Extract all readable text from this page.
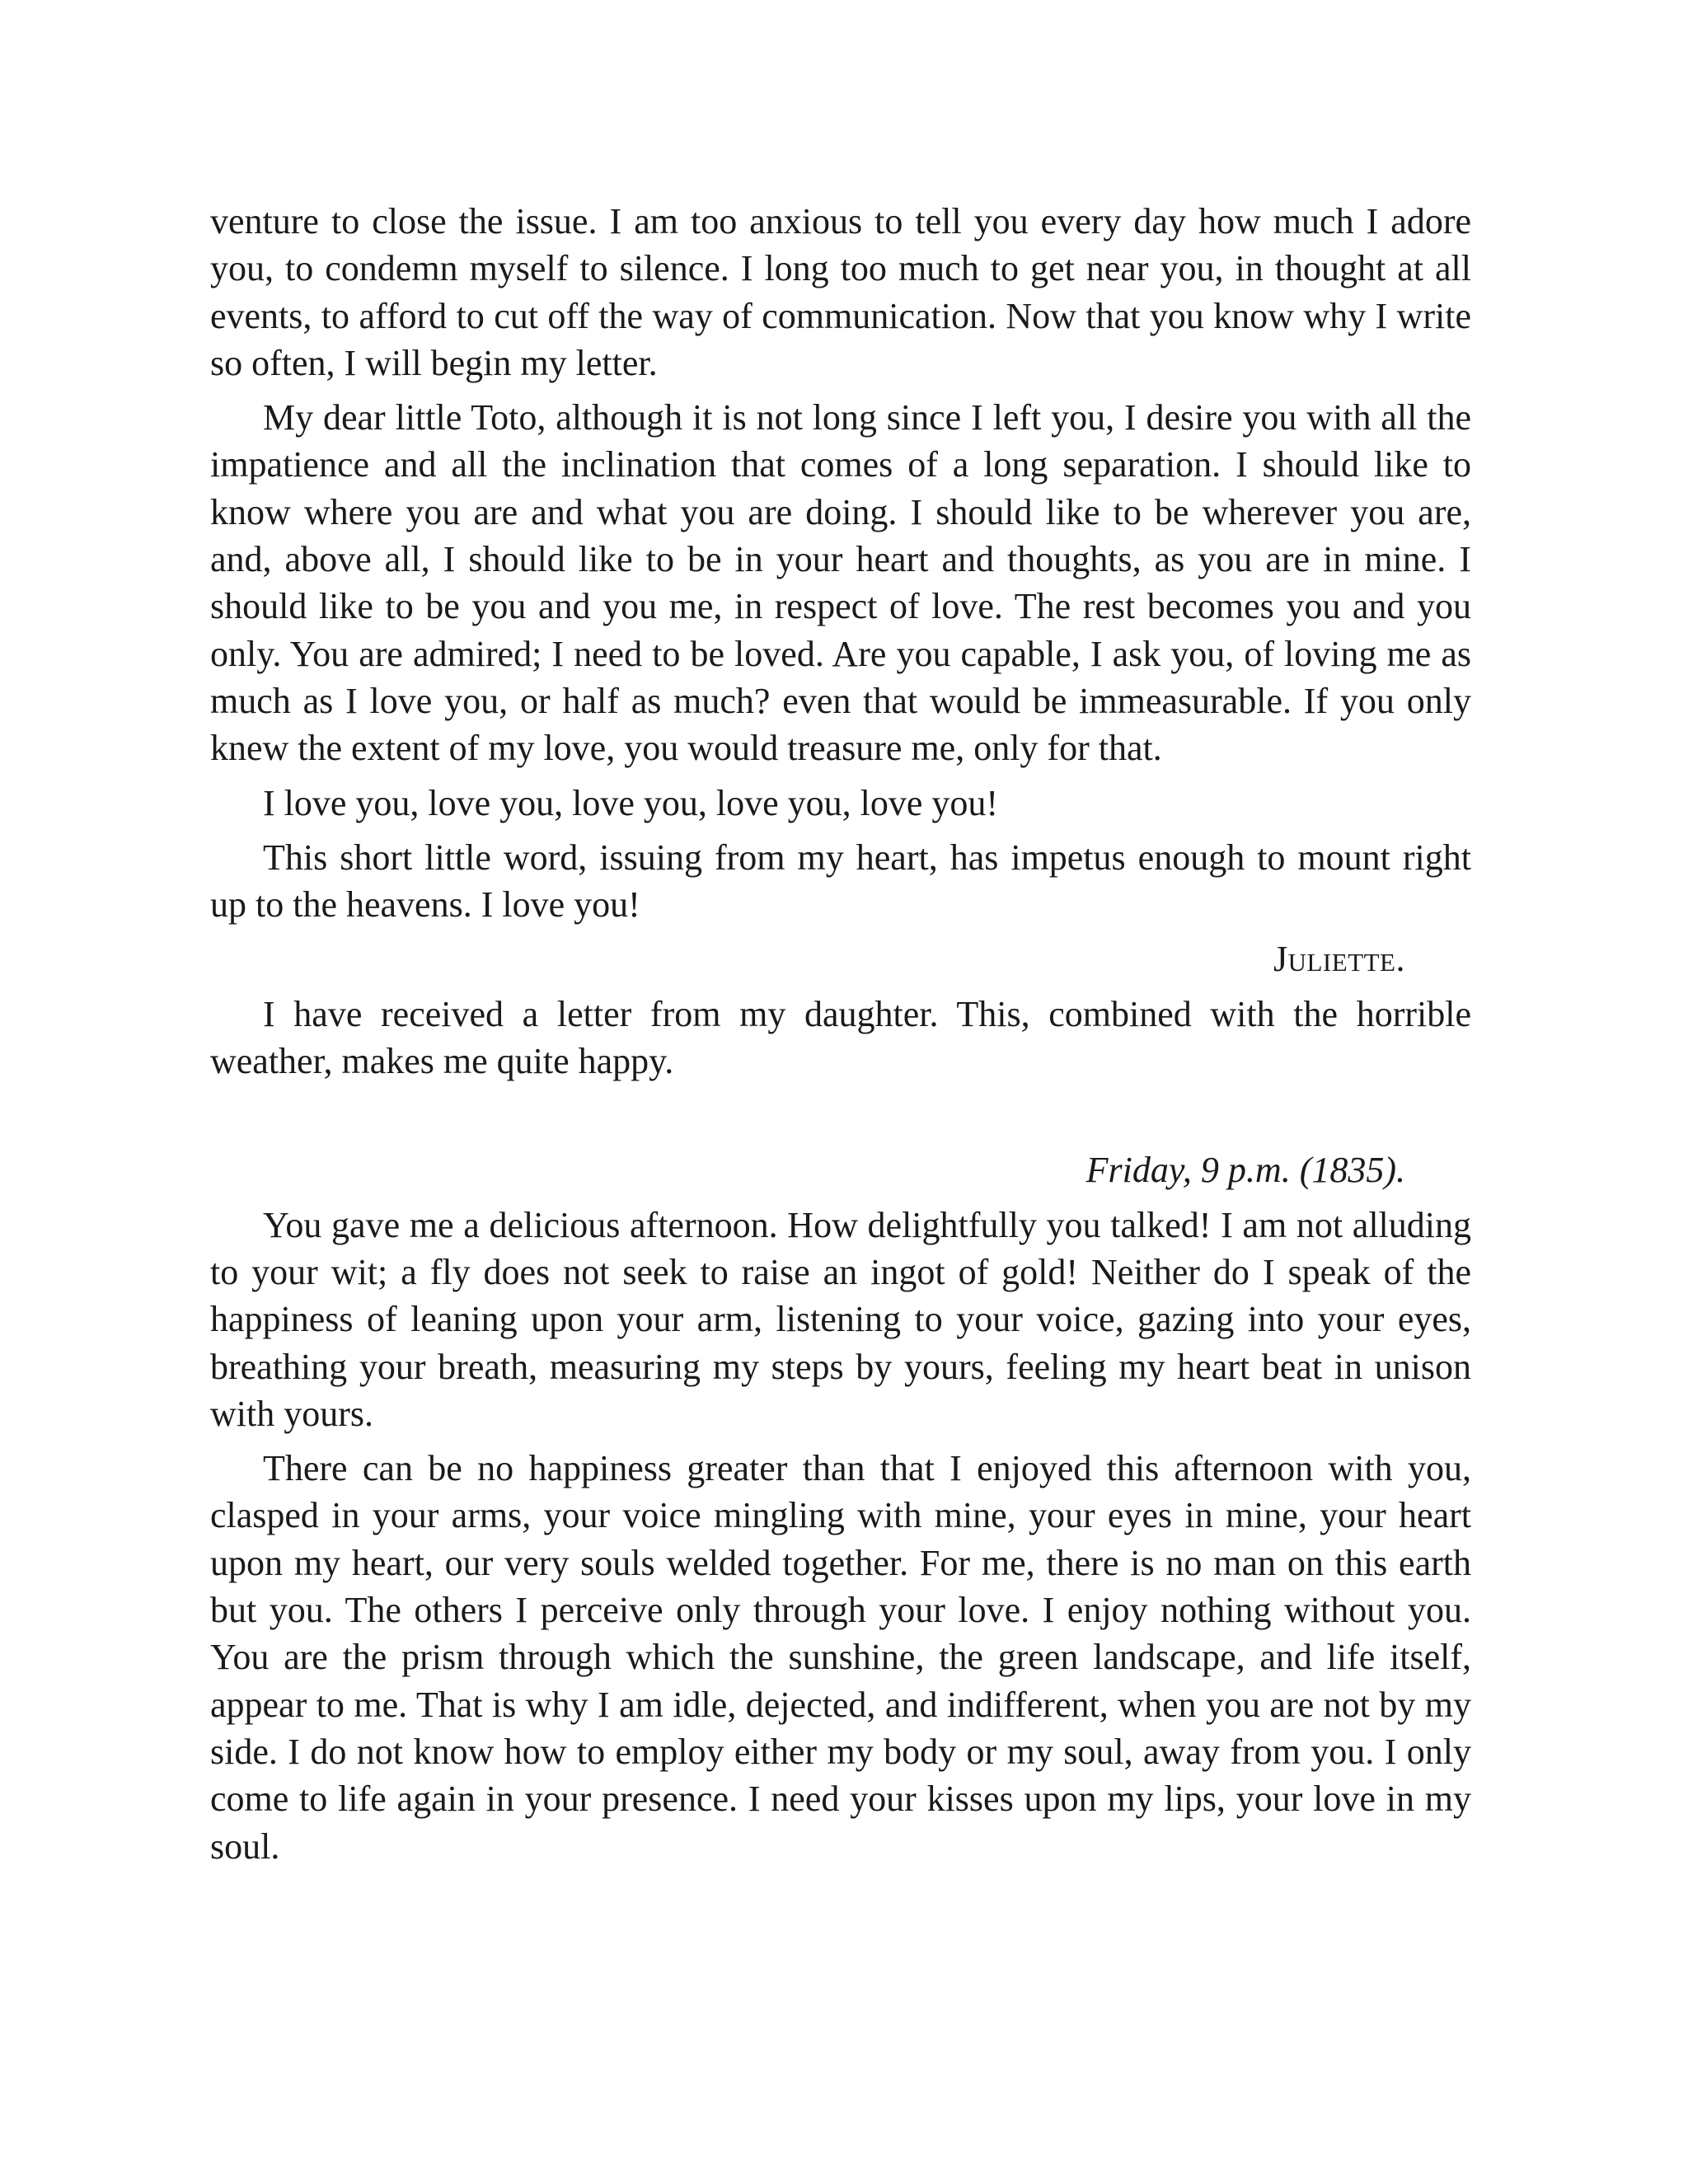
venture to close the issue. I am too anxious to tell you every day how much I adore you, to condemn myself to silence. I long too much to get near you, in thought at all events, to afford to cut off the way of communication. Now that you know why I write so often, I will begin my letter.

My dear little Toto, although it is not long since I left you, I desire you with all the impatience and all the inclination that comes of a long separation. I should like to know where you are and what you are doing. I should like to be wherever you are, and, above all, I should like to be in your heart and thoughts, as you are in mine. I should like to be you and you me, in respect of love. The rest becomes you and you only. You are admired; I need to be loved. Are you capable, I ask you, of loving me as much as I love you, or half as much? even that would be immeasurable. If you only knew the extent of my love, you would treasure me, only for that.

I love you, love you, love you, love you, love you!

This short little word, issuing from my heart, has impetus enough to mount right up to the heavens. I love you!

Juliette.

I have received a letter from my daughter. This, combined with the horrible weather, makes me quite happy.

Friday, 9 p.m. (1835).

You gave me a delicious afternoon. How delightfully you talked! I am not alluding to your wit; a fly does not seek to raise an ingot of gold! Neither do I speak of the happiness of leaning upon your arm, listening to your voice, gazing into your eyes, breathing your breath, measuring my steps by yours, feeling my heart beat in unison with yours.

There can be no happiness greater than that I enjoyed this afternoon with you, clasped in your arms, your voice mingling with mine, your eyes in mine, your heart upon my heart, our very souls welded together. For me, there is no man on this earth but you. The others I perceive only through your love. I enjoy nothing without you. You are the prism through which the sunshine, the green landscape, and life itself, appear to me. That is why I am idle, dejected, and indifferent, when you are not by my side. I do not know how to employ either my body or my soul, away from you. I only come to life again in your presence. I need your kisses upon my lips, your love in my soul.
